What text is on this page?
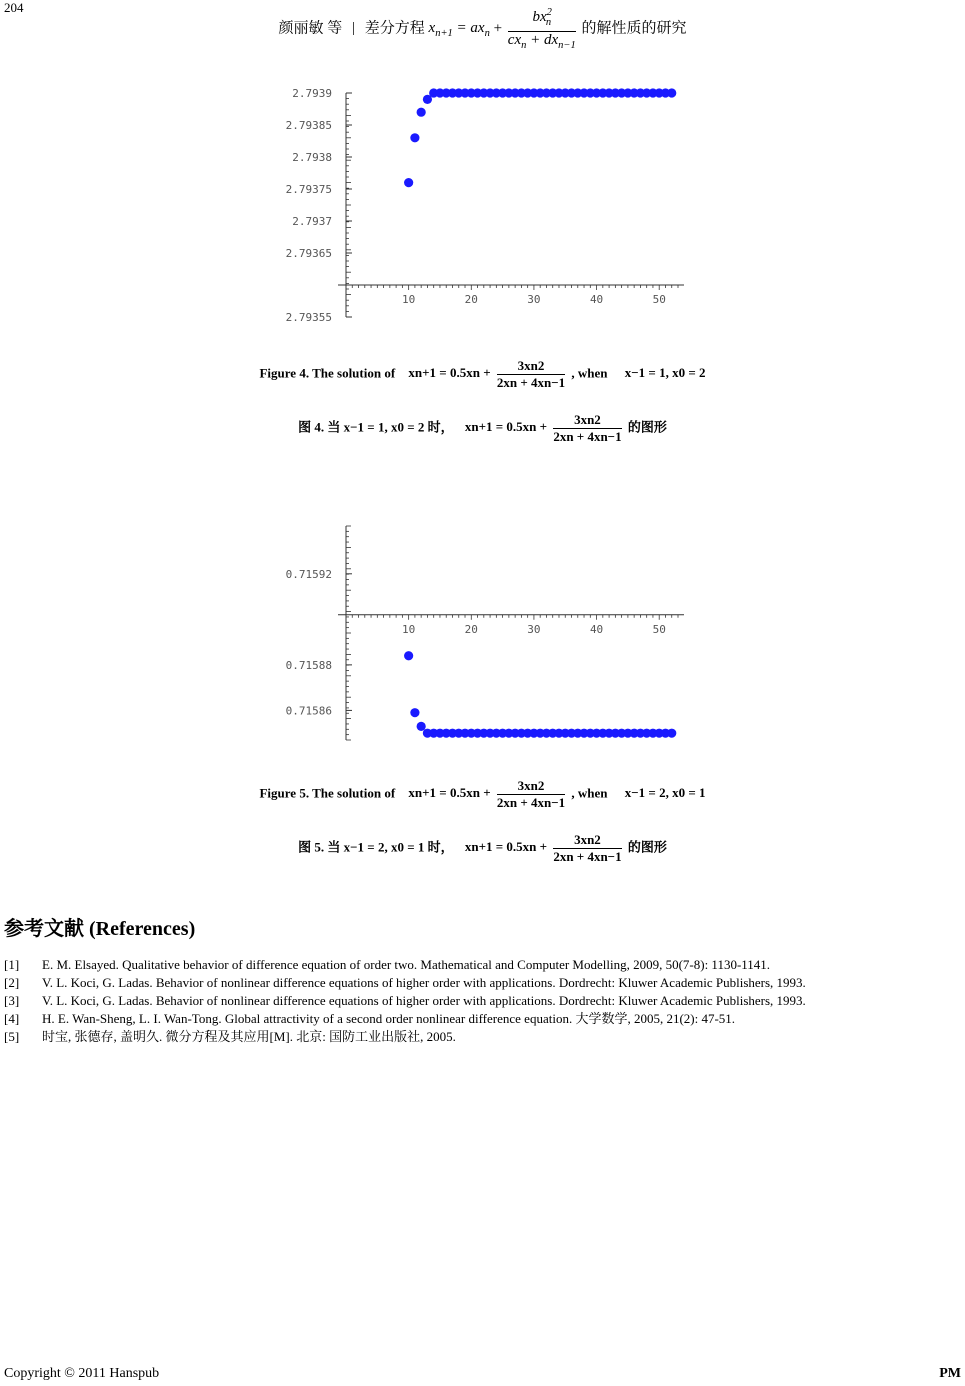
204
颜丽敏 等 | 差分方程 $x_{n+1} = ax_n + \frac{bx^2_n}{cx_n + dx_{n-1}}$ 的解性质的研究
10	20	30	40	50
2.7939
2.79385
2.7938
2.79375
2.7937
2.79365
2.79355
Figure 4. The solution of $xn+1 = 0.5xn + \frac{3xn2}{2xn + 4xn-1}$ , when x−1 = 1, x0 = 2
图 4. 当 x−1 = 1, x0 = 2 时， $xn+1 = 0.5xn + \frac{3xn2}{2xn + 4xn-1}$ 的图形
10	20	30	40	50
0.71592
0.71588
0.71586
Figure 5. The solution of $xn+1 = 0.5xn + \frac{3xn2}{2xn + 4xn-1}$ , when x−1 = 2, x0 = 1
图 5. 当 x−1 = 2, x0 = 1 时， $xn+1 = 0.5xn + \frac{3xn2}{2xn + 4xn-1}$ 的图形
参考文献 (References)
[1]	E. M. Elsayed. Qualitative behavior of difference equation of order two. Mathematical and Computer Modelling, 2009, 50(7-8): 1130-1141.
[2]	V. L. Koci, G. Ladas. Behavior of nonlinear difference equations of higher order with applications. Dordrecht: Kluwer Academic Publishers, 1993.
[3]	V. L. Koci, G. Ladas. Behavior of nonlinear difference equations of higher order with applications. Dordrecht: Kluwer Academic Publishers, 1993.
[4]	H. E. Wan-Sheng, L. I. Wan-Tong. Global attractivity of a second order nonlinear difference equation. 大学数学, 2005, 21(2): 47-51.
[5]	时宝, 张德存, 盖明久. 微分方程及其应用[M]. 北京: 国防工业出版社, 2005.
Copyright © 2011 Hanspub	PM
